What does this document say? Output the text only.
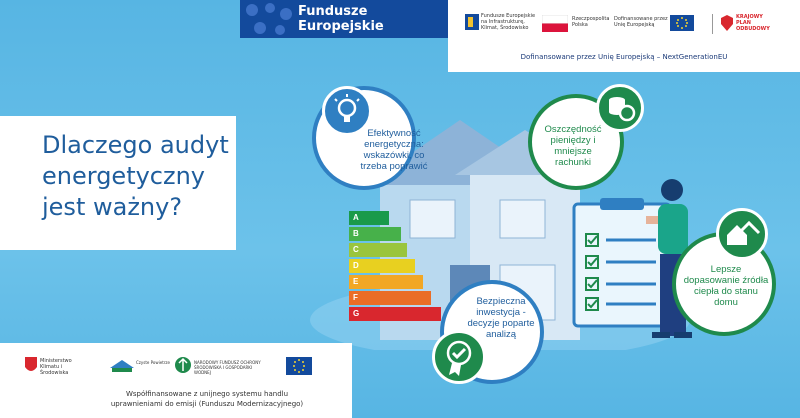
A
B
C
D
E
F
G
Fundusze Europejskie
Fundusze Europejskie na Infrastrukturę, Klimat, Środowisko
Rzeczpospolita Polska
Dofinansowane przez Unię Europejską
KRAJOWY PLAN ODBUDOWY
Dofinansowane przez Unię Europejską – NextGenerationEU
Dlaczego audyt
energetyczny
jest ważny?
Efektywność energetyczna: wskazówki, co trzeba poprawić
Oszczędność pieniędzy i mniejsze rachunki
Lepsze dopasowanie źródła ciepła do stanu domu
Bezpieczna inwestycja - decyzje poparte analizą
Ministerstwo Klimatu i Środowiska
Czyste Powietrze	NARODOWY FUNDUSZ OCHRONY ŚRODOWISKA I GOSPODARKI WODNEJ
Współfinansowane z unijnego systemu handlu
uprawnieniami do emisji (Funduszu Modernizacyjnego)
